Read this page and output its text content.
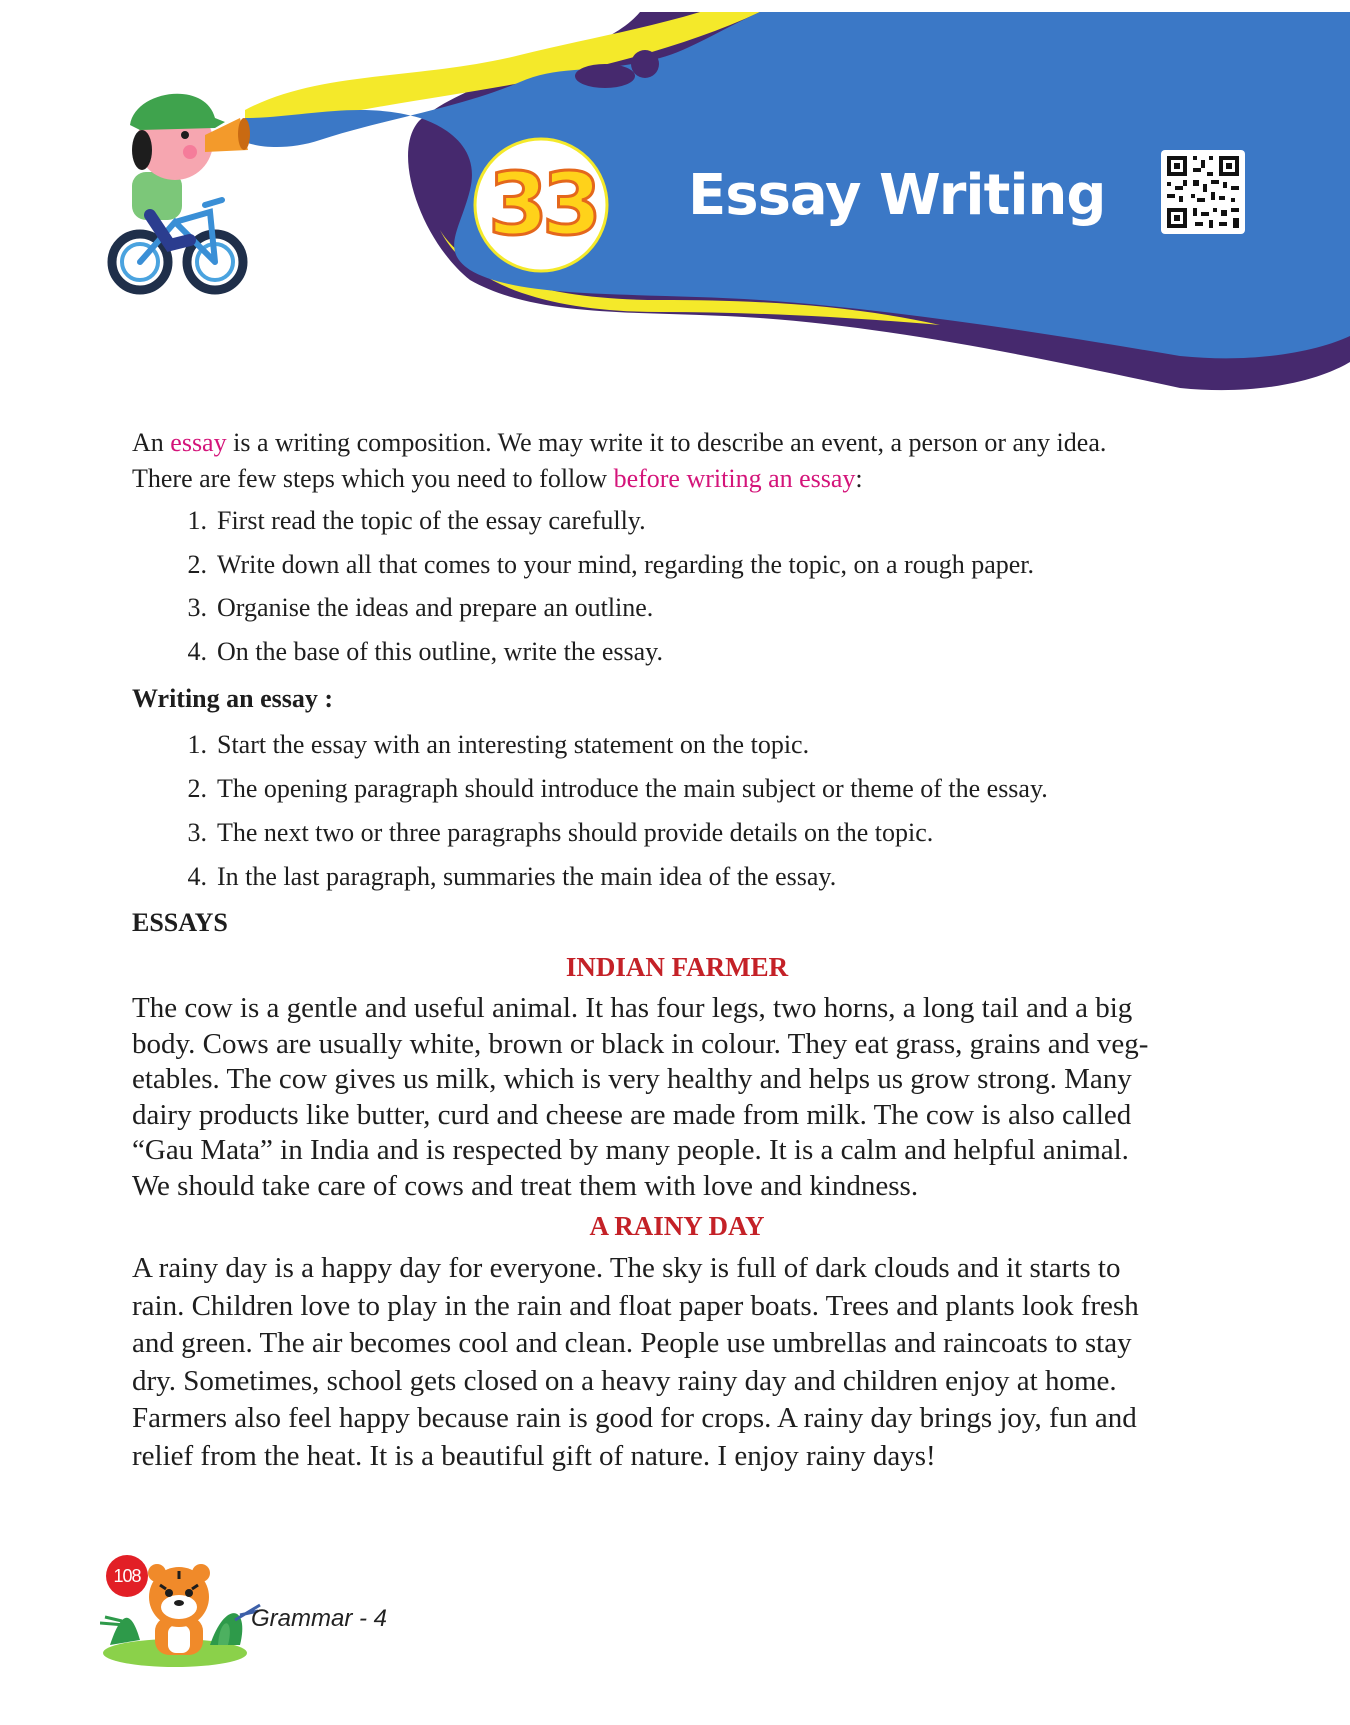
33 Essay Writing

An essay is a writing composition. We may write it to describe an event, a person or any idea.
There are few steps which you need to follow before writing an essay:

1. First read the topic of the essay carefully.
2. Write down all that comes to your mind, regarding the topic, on a rough paper.
3. Organise the ideas and prepare an outline.
4. On the base of this outline, write the essay.

Writing an essay :

1. Start the essay with an interesting statement on the topic.
2. The opening paragraph should introduce the main subject or theme of the essay.
3. The next two or three paragraphs should provide details on the topic.
4. In the last paragraph, summaries the main idea of the essay.

ESSAYS

INDIAN FARMER

The cow is a gentle and useful animal. It has four legs, two horns, a long tail and a big
body. Cows are usually white, brown or black in colour. They eat grass, grains and veg-
etables. The cow gives us milk, which is very healthy and helps us grow strong. Many
dairy products like butter, curd and cheese are made from milk. The cow is also called
“Gau Mata” in India and is respected by many people. It is a calm and helpful animal.
We should take care of cows and treat them with love and kindness.

A RAINY DAY

A rainy day is a happy day for everyone. The sky is full of dark clouds and it starts to
rain. Children love to play in the rain and float paper boats. Trees and plants look fresh
and green. The air becomes cool and clean. People use umbrellas and raincoats to stay
dry. Sometimes, school gets closed on a heavy rainy day and children enjoy at home.
Farmers also feel happy because rain is good for crops. A rainy day brings joy, fun and
relief from the heat. It is a beautiful gift of nature. I enjoy rainy days!

108
Grammar - 4
